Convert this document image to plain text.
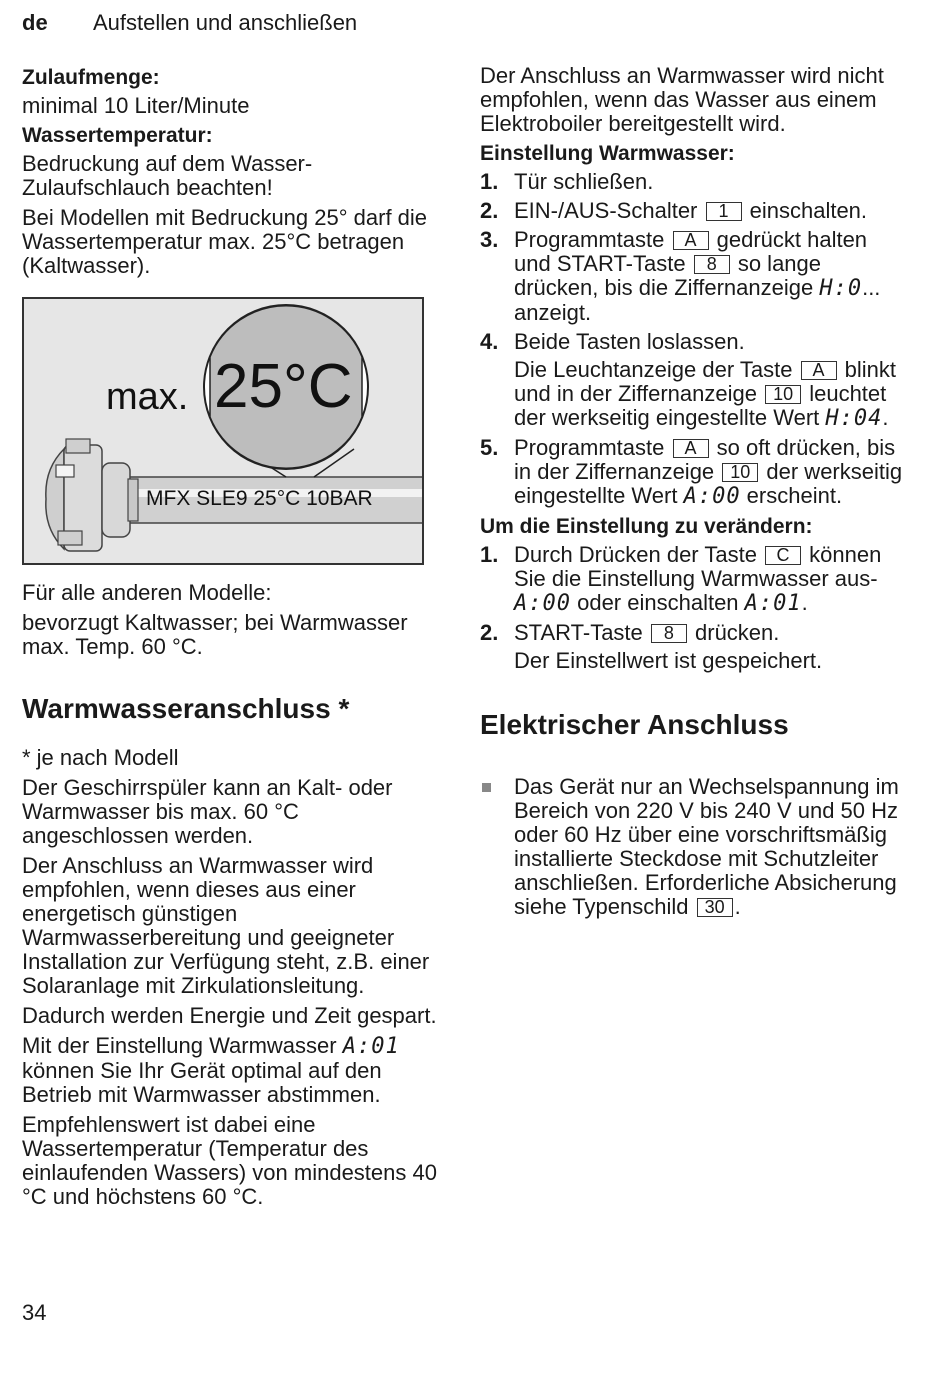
de Aufstellen und anschließen
Zulaufmenge:
minimal 10 Liter/Minute
Wassertemperatur:
Bedruckung auf dem Wasser-Zulaufschlauch beachten!
Bei Modellen mit Bedruckung 25° darf die Wassertemperatur max. 25°C betragen (Kaltwasser).
max. 25°C
MFX SLE9 25°C 10BAR
Für alle anderen Modelle:
bevorzugt Kaltwasser; bei Warmwasser max. Temp. 60 °C.
Warmwasseranschluss *
* je nach Modell
Der Geschirrspüler kann an Kalt- oder Warmwasser bis max. 60 °C angeschlossen werden.
Der Anschluss an Warmwasser wird empfohlen, wenn dieses aus einer energetisch günstigen Warmwasserbereitung und geeigneter Installation zur Verfügung steht, z.B. einer Solaranlage mit Zirkulationsleitung.
Dadurch werden Energie und Zeit gespart.
Mit der Einstellung Warmwasser A:01 können Sie Ihr Gerät optimal auf den Betrieb mit Warmwasser abstimmen.
Empfehlenswert ist dabei eine Wassertemperatur (Temperatur des einlaufenden Wassers) von mindestens 40 °C und höchstens 60 °C.
Der Anschluss an Warmwasser wird nicht empfohlen, wenn das Wasser aus einem Elektroboiler bereitgestellt wird.
Einstellung Warmwasser:
1. Tür schließen.
2. EIN-/AUS-Schalter 1 einschalten.
3. Programmtaste A gedrückt halten und START-Taste 8 so lange drücken, bis die Ziffernanzeige H:0... anzeigt.
4. Beide Tasten loslassen.
Die Leuchtanzeige der Taste A blinkt und in der Ziffernanzeige 10 leuchtet der werkseitig eingestellte Wert H:04.
5. Programmtaste A so oft drücken, bis in der Ziffernanzeige 10 der werkseitig eingestellte Wert A:00 erscheint.
Um die Einstellung zu verändern:
1. Durch Drücken der Taste C können Sie die Einstellung Warmwasser aus- A:00 oder einschalten A:01.
2. START-Taste 8 drücken.
Der Einstellwert ist gespeichert.
Elektrischer Anschluss
Das Gerät nur an Wechselspannung im Bereich von 220 V bis 240 V und 50 Hz oder 60 Hz über eine vorschriftsmäßig installierte Steckdose mit Schutzleiter anschließen. Erforderliche Absicherung siehe Typenschild 30 .
34
